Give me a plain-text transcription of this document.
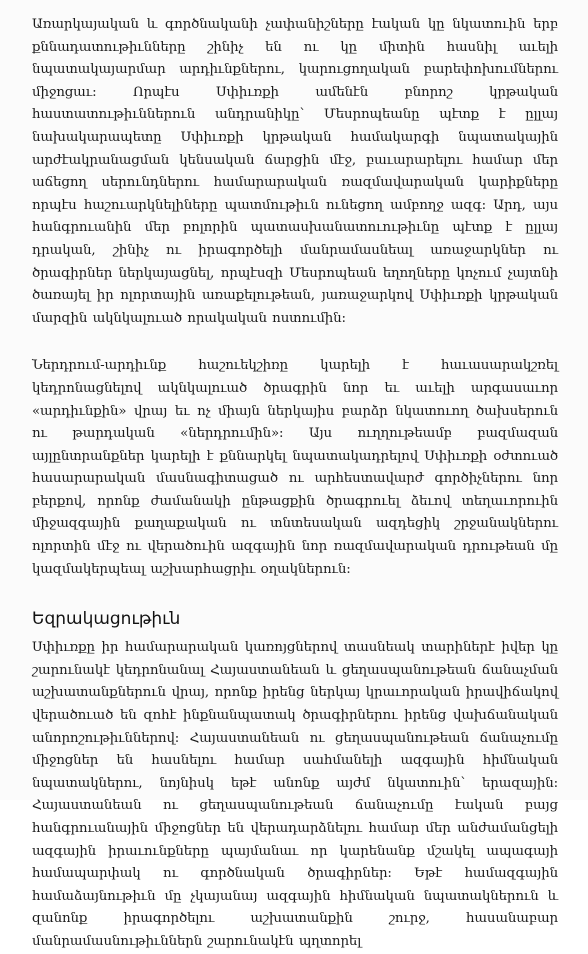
Առարկայական և գործնականի չափանիշները էական կը նկատուին երբ քննադատութիւնները շինիչ են ու կը միտին հասնիլ աւելի նպատակայարմար արդիւնքներու, կարուցողական բարեփոխումներու միջոցաւ: Որպէս Սփիւռքի ամենէն բնորոշ կրթական հաստատութիւններուն անդրանիկը՝ Մեսրոպեանը պէտք է ըլլայ նախակարապետը Սփիւռքի կրթական համակարգի նպատակային արժէակրանացման կենսական ճարցին մէջ, բաւարարելու համար մեր աճեցող սերունդներու համարարական ռազմավարական կարիքները որպէս հաշուարկնելիները պատմութիւն ունեցող ամբողջ ազգ: Արդ, այս հանգրուանին մեր բոլորին պատասխանատուութիւնը պէտք է ըլլայ դրական, շինիչ ու իրագործելի մանրամասնեալ առաջարկներ ու ծրագիրներ ներկայացնել, որպէսզի Մեսրոպեան եղողները կոչում չայտնի ծառայել իր ոլորտային առաքելութեան, յառաջարկով Սփիւռքի կրթական մարզին ակնկալուած որակական ոստումին:

Ներդրում-արդիւնք հաշուեկշիռը կարելի է հաւասարակշռել կեդրոնացնելով ակնկալուած ծրագրին նոր եւ աւելի արգասաւոր «արդիւնքին» վրայ եւ ոչ միայն ներկայիս բարձր նկատուող ծախսերուն ու թարդական «ներդրումին»: Այս ուղղութեամբ բազմազան այլընտրանքներ կարելի է քննարկել նպատակադրելով Սփիւռքի օժտուած հասարարական մասնագիտացած ու արհեստավարժ գործիչներու նոր բերքով, որոնք ժամանակի ընթացքին ծրագրուել ձեւով տեղաւորուին միջազգային քաղաքական ու տնտեսական ազդեցիկ շրջանակներու ոլորտին մէջ ու վերածուին ազգային նոր ռազմավարական դրութեան մը կազմակերպեալ աշխարհացրիւ օղակներուն:

Եզրակացութիւն

Սփիւռքը իր համարարական կառոյցներով տասնեակ տարիներէ իվեր կը շարունակէ կեդրոնանալ Հայաստանեան և ցեղասպանութեան ճանաչման աշխատանքներուն վրայ, որոնք իրենց ներկայ կրաւորական իրավիճակով վերածուած են զոհէ ինքնանպատակ ծրագիրներու իրենց վախճանական անորոշութիւններով: Հայաստանեան ու ցեղասպանութեան ճանաչումը միջոցներ են հասնելու համար սահմանելի ազգային հիմնական նպատակներու, նոյնիսկ եթէ անոնք այժմ նկատուին՝ երազային: Հայաստանեան ու ցեղասպանութեան ճանաչումը էական բայց հանգրուանային միջոցներ են վերադարձնելու համար մեր անժամանցելի ազգային իրաւունքները պայմանաւ որ կարենանք մշակել ապագայի համապարփակ ու գործնական ծրագիրներ: Եթէ համազգային համաձայնութիւն մը չկայանայ ազգային հիմնական նպատակներուն և զանոնք իրագործելու աշխատանքին շուրջ, հասանաբար մանրամասնութիւններն շարունակէն պղտորել
